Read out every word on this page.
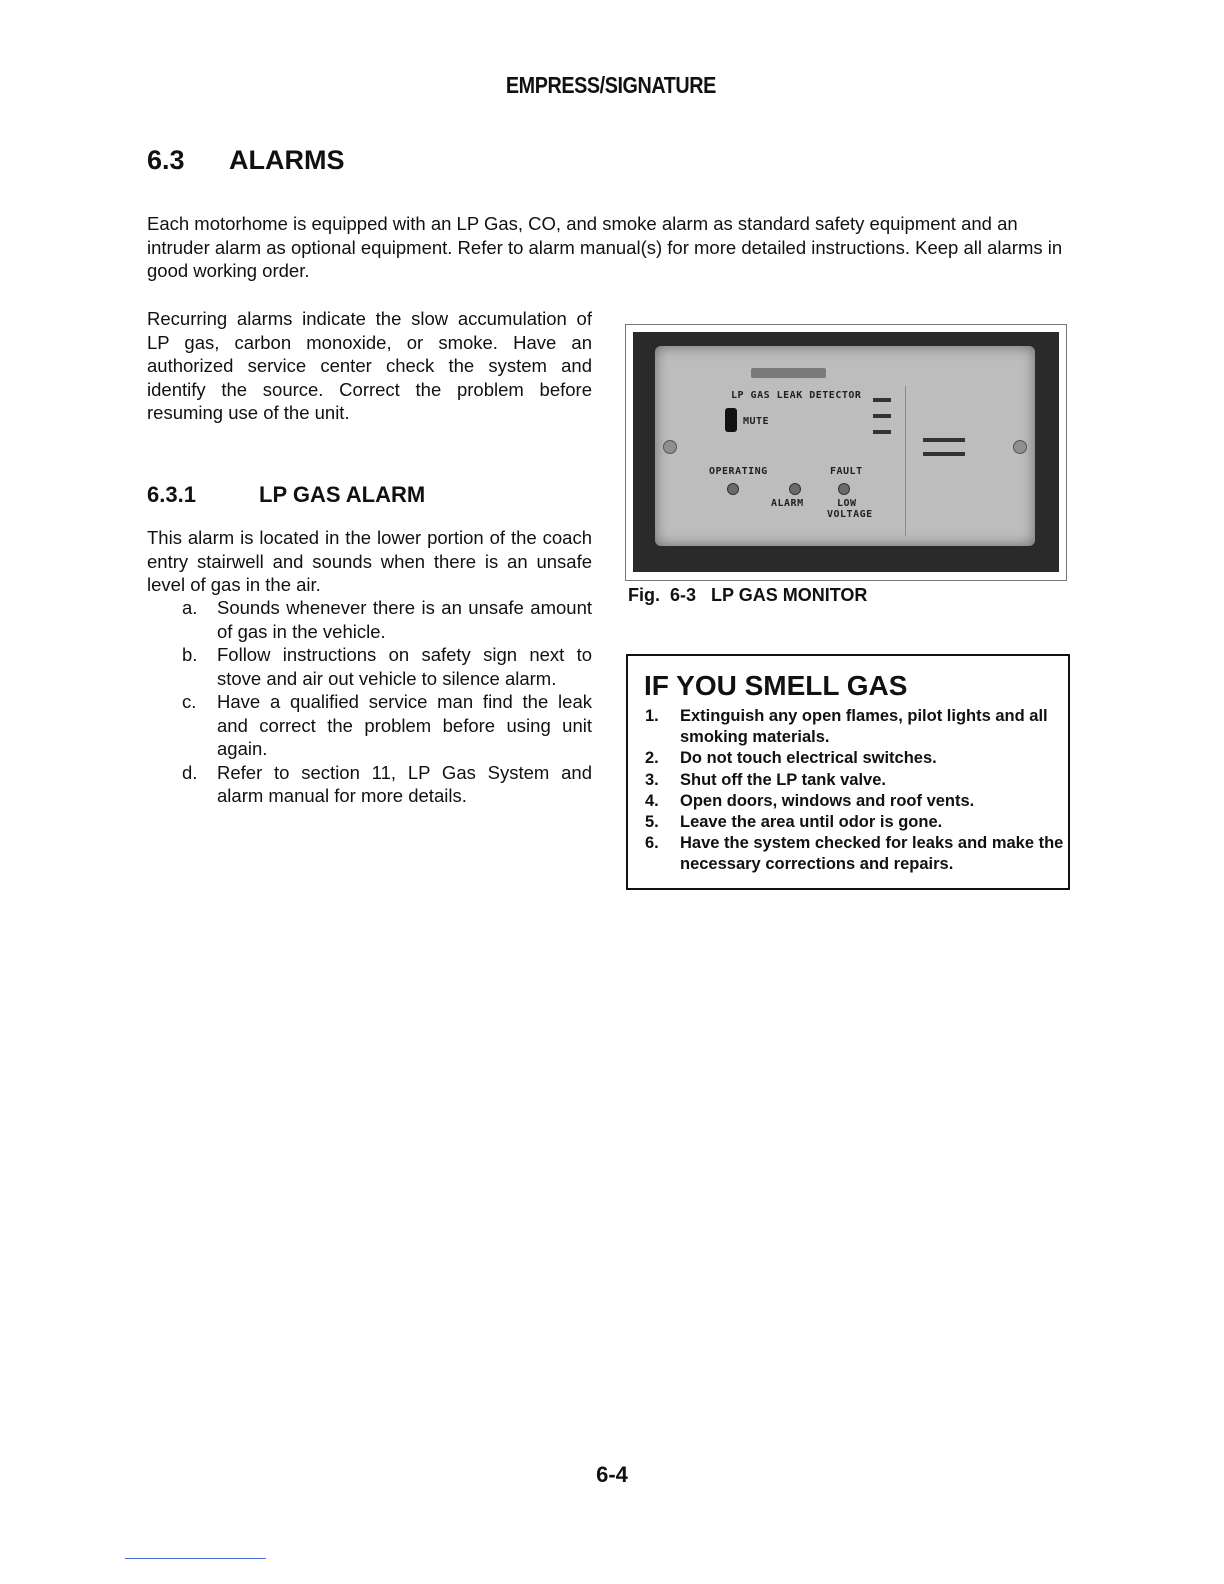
EMPRESS/SIGNATURE
6.3 ALARMS

Each motorhome is equipped with an LP Gas, CO, and smoke alarm as standard safety equipment and an intruder alarm as optional equipment. Refer to alarm manual(s) for more detailed instructions. Keep all alarms in good working order.

Recurring alarms indicate the slow accumulation of LP gas, carbon monoxide, or smoke. Have an authorized service center check the system and identify the source. Correct the problem before resuming use of the unit.

6.3.1	LP GAS ALARM

This alarm is located in the lower portion of the coach entry stairwell and sounds when there is an unsafe level of gas in the air.

a. Sounds whenever there is an unsafe amount of gas in the vehicle.
b. Follow instructions on safety sign next to stove and air out vehicle to silence alarm.
c. Have a qualified service man find the leak and correct the problem before using unit again.
d. Refer to section 11, LP Gas System and alarm manual for more details.
LP GAS LEAK DETECTOR
MUTE
OPERATING	FAULT
ALARM	LOW
VOLTAGE
Fig.  6-3   LP GAS MONITOR
IF YOU SMELL GAS
1. Extinguish any open flames, pilot lights and all smoking materials.
2. Do not touch electrical switches.
3. Shut off the LP tank valve.
4. Open doors, windows and roof vents.
5. Leave the area until odor is gone.
6. Have the system checked for leaks and make the necessary corrections and repairs.
6-4
